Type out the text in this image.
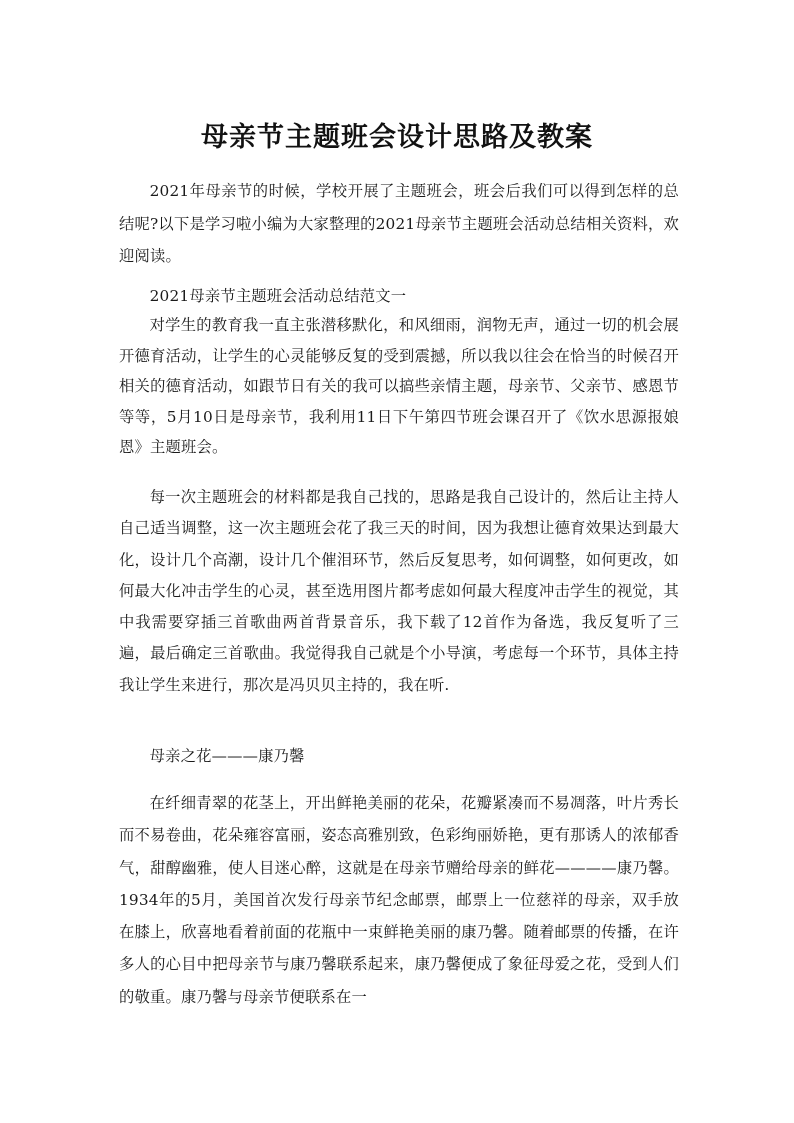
母亲节主题班会设计思路及教案
2021年母亲节的时候，学校开展了主题班会，班会后我们可以得到怎样的总结呢?以下是学习啦小编为大家整理的2021母亲节主题班会活动总结相关资料，欢迎阅读。
2021母亲节主题班会活动总结范文一
对学生的教育我一直主张潜移默化，和风细雨，润物无声，通过一切的机会展开德育活动，让学生的心灵能够反复的受到震撼，所以我以往会在恰当的时候召开相关的德育活动，如跟节日有关的我可以搞些亲情主题，母亲节、父亲节、感恩节等等，5月10日是母亲节，我利用11日下午第四节班会课召开了《饮水思源报娘恩》主题班会。
每一次主题班会的材料都是我自己找的，思路是我自己设计的，然后让主持人自己适当调整，这一次主题班会花了我三天的时间，因为我想让德育效果达到最大化，设计几个高潮，设计几个催泪环节，然后反复思考，如何调整，如何更改，如何最大化冲击学生的心灵，甚至选用图片都考虑如何最大程度冲击学生的视觉，其中我需要穿插三首歌曲两首背景音乐，我下载了12首作为备选，我反复听了三遍，最后确定三首歌曲。我觉得我自己就是个小导演，考虑每一个环节，具体主持我让学生来进行，那次是冯贝贝主持的，我在听.
母亲之花———康乃馨
在纤细青翠的花茎上，开出鲜艳美丽的花朵，花瓣紧凑而不易凋落，叶片秀长而不易卷曲，花朵雍容富丽，姿态高雅别致，色彩绚丽娇艳，更有那诱人的浓郁香气，甜醇幽雅，使人目迷心醉，这就是在母亲节赠给母亲的鲜花————康乃馨。 1934年的5月，美国首次发行母亲节纪念邮票，邮票上一位慈祥的母亲，双手放在膝上，欣喜地看着前面的花瓶中一束鲜艳美丽的康乃馨。随着邮票的传播，在许多人的心目中把母亲节与康乃馨联系起来，康乃馨便成了象征母爱之花，受到人们的敬重。康乃馨与母亲节便联系在一
